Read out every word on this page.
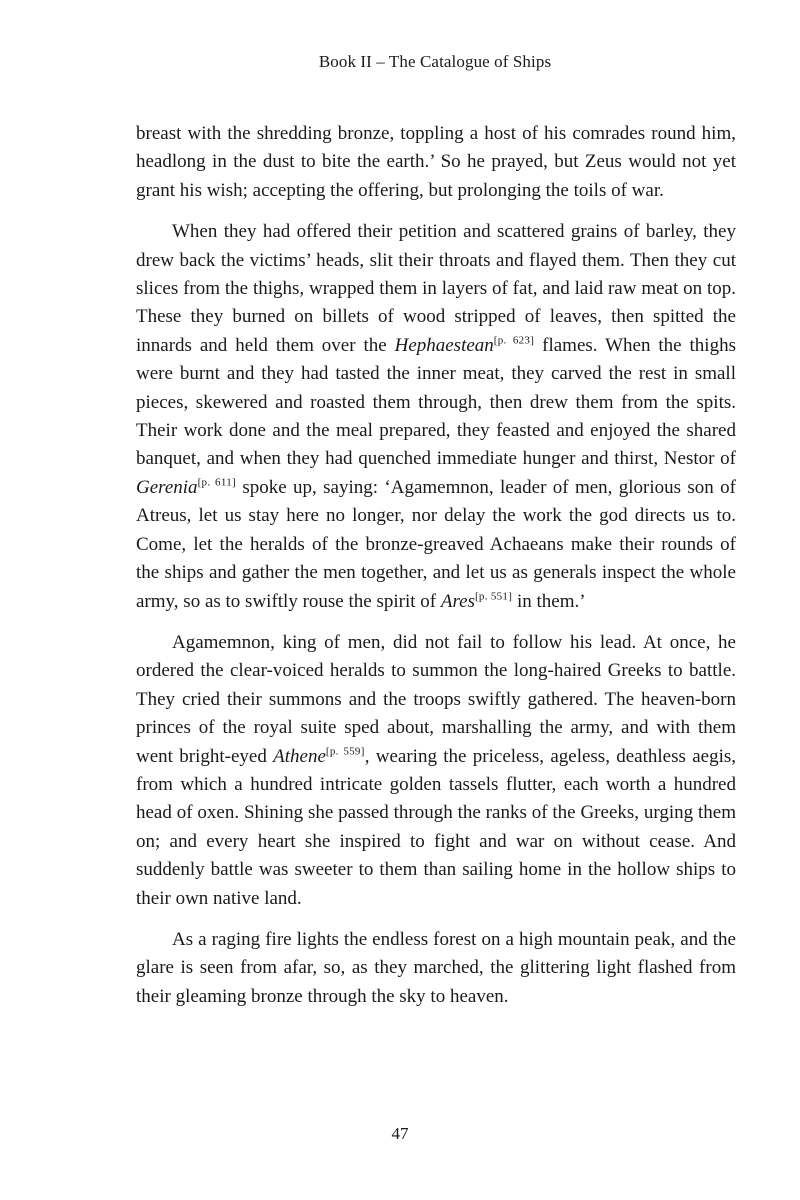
Book II – The Catalogue of Ships

breast with the shredding bronze, toppling a host of his comrades round him, headlong in the dust to bite the earth.’ So he prayed, but Zeus would not yet grant his wish; accepting the offering, but prolonging the toils of war.

When they had offered their petition and scattered grains of barley, they drew back the victims’ heads, slit their throats and flayed them. Then they cut slices from the thighs, wrapped them in layers of fat, and laid raw meat on top. These they burned on billets of wood stripped of leaves, then spitted the innards and held them over the Hephaestean[p. 623] flames. When the thighs were burnt and they had tasted the inner meat, they carved the rest in small pieces, skewered and roasted them through, then drew them from the spits. Their work done and the meal prepared, they feasted and enjoyed the shared banquet, and when they had quenched immediate hunger and thirst, Nestor of Gerenia[p. 611] spoke up, saying: ‘Agamemnon, leader of men, glorious son of Atreus, let us stay here no longer, nor delay the work the god directs us to. Come, let the heralds of the bronze-greaved Achaeans make their rounds of the ships and gather the men together, and let us as generals inspect the whole army, so as to swiftly rouse the spirit of Ares[p. 551] in them.’

Agamemnon, king of men, did not fail to follow his lead. At once, he ordered the clear-voiced heralds to summon the long-haired Greeks to battle. They cried their summons and the troops swiftly gathered. The heaven-born princes of the royal suite sped about, marshalling the army, and with them went bright-eyed Athene[p. 559], wearing the priceless, ageless, deathless aegis, from which a hundred intricate golden tassels flutter, each worth a hundred head of oxen. Shining she passed through the ranks of the Greeks, urging them on; and every heart she inspired to fight and war on without cease. And suddenly battle was sweeter to them than sailing home in the hollow ships to their own native land.

As a raging fire lights the endless forest on a high mountain peak, and the glare is seen from afar, so, as they marched, the glittering light flashed from their gleaming bronze through the sky to heaven.

47
